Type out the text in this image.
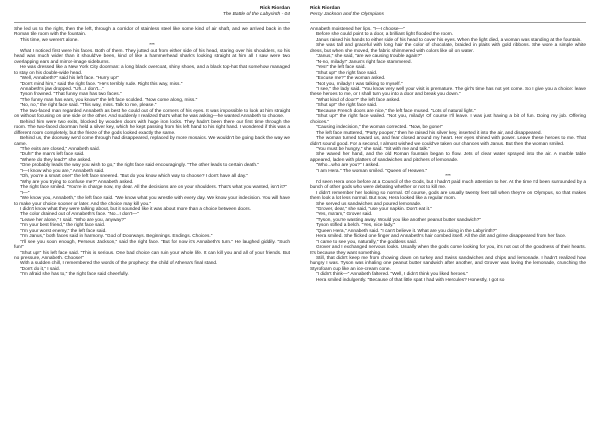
Rick Riordan
The Battle of the Labyrinth - 04

She led us to the right, then the left, through a corridor of stainless steel like some kind of air shaft, and we arrived back in the Roman tile room with the fountain.

This time, we weren't alone.

***

What I noticed first were his faces. Both of them. They jutted out from either side of his head, staring over his shoulders, so his head was much wider than it should've been, kind of like a hammerhead shark's looking straight at him all I saw were two overlapping ears and mirror-image sideburns.

He was dressed like a New York City doorman: a long black overcoat, shiny shoes, and a black top-hat that somehow managed to stay on his double-wide head.

"Well, Annabeth?" said his left face. "Hurry up!"

"Don't mind him," said the right face. "He's terribly rude. Right this way, miss."

Annabeth's jaw dropped. "Uh...I don't..."

Tyson frowned. "That funny man has two faces."

"The funny man has ears, you know!" the left face scolded. "Now come along, miss."

"No, no," the right face said. "This way, miss. Talk to me, please."

The two-faced man regarded Annabeth as best he could out of the corners of his eyes. It was impossible to look at him straight on without focusing on one side or the other. And suddenly I realized that's what he was asking—he wanted Annabeth to choose.

Behind him were two exits, blocked by wooden doors with huge iron locks. They hadn't been there our first time through the room. The two-faced doorman held a silver key, which he kept passing from his left hand to his right hand. I wondered if this was a different room completely, but the frieze of the gods looked exactly the same.

Behind us, the doorway we'd come through had disappeared, replaced by more mosaics. We wouldn't be going back the way we came.

"The exits are closed," Annabeth said.

"Duh!" the man's left face said.

"Where do they lead?" she asked.

"One probably leads the way you wish to go," the right face said encouragingly. "The other leads to certain death."

"I—I know who you are," Annabeth said.

"Oh, you're a smart one!" the left face sneered. "But do you know which way to choose? I don't have all day."

"Why are you trying to confuse me?" Annabeth asked.

The right face smiled. "You're in charge now, my dear. All the decisions are on your shoulders. That's what you wanted, isn't it?"

"I—"

"We know you, Annabeth," the left face said. "We know what you wrestle with every day. We know your indecision. You will have to make your choice sooner or later. And the choice may kill you."

I didn't know what they were talking about, but it sounded like it was about more than a choice between doors.

The color drained out of Annabeth's face. "No...I don't—"

"Leave her alone," I said. "Who are you, anyway?"

"I'm your best friend," the right face said.

"I'm your worst enemy," the left face said.

"I'm Janus," both faces said in harmony. "God of Doorways. Beginnings. Endings. Choices."

"I'll see you soon enough, Perseus Jackson," said the right face. "But for now it's Annabeth's turn." He laughed giddily. "Such fun!"

"Shut up!" his left face said. "This is serious. One bad choice can ruin your whole life. It can kill you and all of your friends. But no pressure, Annabeth. Choose!"

With a sudden chill, I remembered the words of the prophecy: the child of Athena's final stand.

"Don't do it," I said.

"I'm afraid she has to," the right face said cheerfully.

Rick Riordan
Percy Jackson and the Olympians

Annabeth moistened her lips. "I—I choose—"

Before she could point to a door, a brilliant light flooded the room.

Janus raised his hands to either side of his head to cover his eyes. When the light died, a woman was standing at the fountain.

She was tall and graceful with long hair the color of chocolate, braided in plaits with gold ribbons. She wore a simple white dress, but when she moved, the fabric shimmered with colors like oil on water.

"Janus," she said, "are we causing trouble again?"

"N-no, milady!" Janus's right face stammered.

"Yes!" the left face said.

"Shut up!" the right face said.

"Excuse me?" the woman asked.

"Not you, milady! I was talking to myself."

"I see," the lady said. "You know very well your visit is premature. The girl's time has not yet come. So I give you a choice: leave these heroes to me, or I shall turn you into a door and break you down."

"What kind of door?" the left face asked.

"Shut up!" the right face said.

"Because French doors are nice," the left face mused. "Lots of natural light."

"Shut up!" the right face wailed. "Not you, milady! Of course I'll leave. I was just having a bit of fun. Doing my job. Offering choices."

"Causing indecision," the woman corrected. "Now, be gone!"

The left face muttered, "Party pooper," then he raised his silver key, inserted it into the air, and disappeared.

The woman turned toward us, and fear closed around my heart. Her eyes shined with power. Leave these heroes to me. That didn't sound good. For a second, I almost wished we could've taken our chances with Janus. But then the woman smiled.

"You must be hungry," she said. "Sit with me and talk."

She waved her hand, and the old Roman fountain began to flow. Jets of clear water sprayed into the air. A marble table appeared, laden with platters of sandwiches and pitchers of lemonade.

"Who...who are you?" I asked.

"I am Hera." The woman smiled. "Queen of Heaven."

***

I'd seen Hera once before at a Council of the Gods, but I hadn't paid much attention to her. At the time I'd been surrounded by a bunch of other gods who were debating whether or not to kill me.

I didn't remember her looking so normal. Of course, gods are usually twenty feet tall when they're on Olympus, so that makes them look a lot less normal. But now, Hera looked like a regular mom.

She served us sandwiches and poured lemonade.

"Grover, dear," she said, "use your napkin. Don't eat it."

"Yes, ma'am," Grover said.

"Tyson, you're wasting away. Would you like another peanut butter sandwich?"

Tyson stifled a belch. "Yes, nice lady."

"Queen Hera," Annabeth said. "I can't believe it. What are you doing in the Labyrinth?"

Hera smiled. She flicked one finger and Annabeth's hair combed itself. All the dirt and grime disappeared from her face.

"I came to see you, naturally," the goddess said.

Grover and I exchanged nervous looks. Usually when the gods come looking for you, it's not out of the goodness of their hearts. It's because they want something.

Still, that didn't keep me from chowing down on turkey and Swiss sandwiches and chips and lemonade. I hadn't realized how hungry I was. Tyson was inhaling one peanut butter sandwich after another, and Grover was loving the lemonade, crunching the Styrofoam cup like an ice-cream cone.

"I didn't think—" Annabeth faltered. "Well, I didn't think you liked heroes."

Hera smiled indulgently. "Because of that little spat I had with Hercules? Honestly, I got so
